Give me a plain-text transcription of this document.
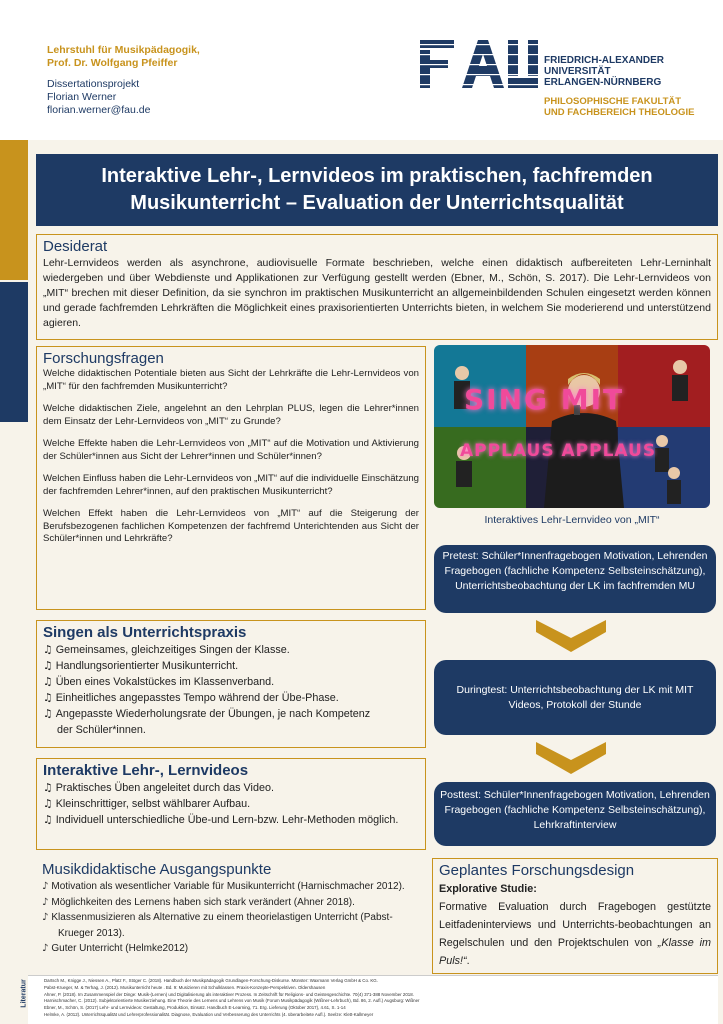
Lehrstuhl für Musikpädagogik,
Prof. Dr. Wolfgang Pfeiffer
Dissertationsprojekt
Florian Werner
florian.werner@fau.de
FRIEDRICH-ALEXANDER
UNIVERSITÄT
ERLANGEN-NÜRNBERG
PHILOSOPHISCHE FAKULTÄT
UND FACHBEREICH THEOLOGIE
Interaktive Lehr-, Lernvideos im praktischen, fachfremden
Musikunterricht – Evaluation der Unterrichtsqualität
Desiderat
Lehr-Lernvideos werden als asynchrone, audiovisuelle Formate beschrieben, welche einen didaktisch aufbereiteten Lehr-Lerninhalt wiedergeben und über Webdienste und Applikationen zur Verfügung gestellt werden (Ebner, M., Schön, S. 2017). Die Lehr-Lernvideos von „MIT“ brechen mit dieser Definition, da sie synchron im praktischen Musikunterricht an allgemeinbildenden Schulen eingesetzt werden können und gerade fachfremden Lehrkräften die Möglichkeit eines praxisorientierten Unterrichts bieten, in welchem Sie moderierend und unterstützend agieren.
Forschungsfragen
Welche didaktischen Potentiale bieten aus Sicht der Lehrkräfte die Lehr-Lernvideos von „MIT“ für den fachfremden Musikunterricht?
Welche didaktischen Ziele, angelehnt an den Lehrplan PLUS, legen die Lehrer*innen dem Einsatz der Lehr-Lernvideos von „MIT“ zu Grunde?
Welche Effekte haben die Lehr-Lernvideos von „MIT“ auf die Motivation und Aktivierung der Schüler*innen aus Sicht der Lehrer*innen und Schüler*innen?
Welchen Einfluss haben die Lehr-Lernvideos von „MIT“ auf die individuelle Einschätzung der fachfremden Lehrer*innen, auf den praktischen Musikunterricht?
Welchen Effekt haben die Lehr-Lernvideos von „MIT“ auf die Steigerung der Berufsbezogenen fachlichen Kompetenzen der fachfremd Unterichtenden aus Sicht der Schüler*innen und Lehrkräfte?
SING MIT
APPLAUS APPLAUS
Interaktives Lehr-Lernvideo von „MIT“
Pretest: Schüler*Innenfragebogen Motivation, Lehrenden Fragebogen (fachliche Kompetenz Selbsteinschätzung), Unterrichtsbeobachtung der LK im fachfremden MU
Duringtest: Unterrichtsbeobachtung der LK mit MIT Videos, Protokoll der Stunde
Posttest: Schüler*Innenfragebogen Motivation, Lehrenden Fragebogen (fachliche Kompetenz Selbsteinschätzung), Lehrkraftinterview
Singen als Unterrichtspraxis
♫ Gemeinsames, gleichzeitiges Singen der Klasse.
♫ Handlungsorientierter Musikunterricht.
♫ Üben eines Vokalstückes im Klassenverband.
♫ Einheitliches angepasstes Tempo während der Übe-Phase.
♫ Angepasste Wiederholungsrate der Übungen, je nach Kompetenz
der Schüler*innen.
Interaktive Lehr-, Lernvideos
♫ Praktisches Üben angeleitet durch das Video.
♫ Kleinschrittiger, selbst wählbarer Aufbau.
♫ Individuell unterschiedliche Übe-und Lern-bzw. Lehr-Methoden möglich.
Musikdidaktische Ausgangspunkte
♪ Motivation als wesentlicher Variable für Musikunterricht (Harnischmacher 2012).
♪ Möglichkeiten des Lernens haben sich stark verändert (Ahner 2018).
♪ Klassenmusizieren als Alternative zu einem theorielastigen Unterricht (Pabst-Krueger 2013).
♪ Guter Unterricht (Helmke2012)
Geplantes Forschungsdesign
Explorative Studie:
Formative Evaluation durch Fragebogen gestützte Leitfadeninterviews und Unterrichts-beobachtungen an Regelschulen und den Projektschulen von „Klasse im Puls!“.
Literatur	Dartsch M., Knigge J., Niessen A., Platz F., Stöger C. (2018). Handbuch der Musikpädagogik Grundlagen-Forschung-Diskurse. Münster: Waxmann Verlag GmbH & Co. KG.
Pabst-Krueger, M. & Terhag, J. (2012). Musikunterricht heute . Bd. 9: Musizieren mit Schulklassen. Praxis-Konzepte-Perspektiven. Oldershausen
Ahner, P. (2018). Im Zusammenspiel der Dinge: Musik-(Lernen) und Digitalisierung als interaktiver Prozess. In Zeitschrift für Religions- und Geistesgeschichte. 70(4) 371-388 November 2018.
Harnischmacher, C. (2012). Subjektorientierte Musikerziehung. Eine Theorie des Lernens und Lehrens von Musik (Forum Musikpädagogik (Wißner-Lehrbuch), Bd. 86, 2. Aufl.) Augsburg: Wißner
Ebner, M., Schön, S. (2017) Lehr- und Lernvideos: Gestaltung, Produktion, Einsatz. Handbuch E-Learning, 71. Erg. Lieferung (Oktober 2017), 4.61, S. 1-14
Helmke, A. (2012). Unterrichtsqualität und Lehrerprofessionalität. Diagnose, Evaluation und Verbesserung des Unterrichts (4. überarbeitete Aufl.). Seelze: Klett-Kallmeyer
